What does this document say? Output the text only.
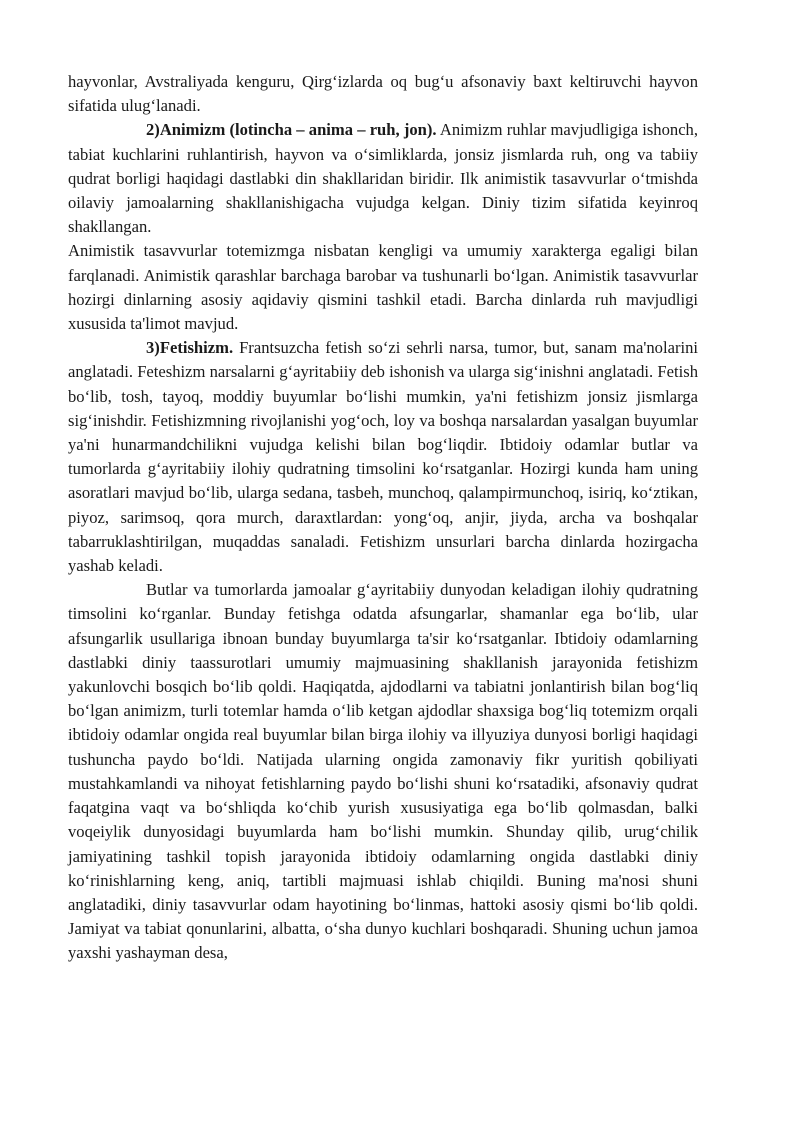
hayvonlar, Avstraliyada kenguru, Qirg‘izlarda oq bug‘u afsonaviy baxt keltiruvchi hayvon sifatida ulug‘lanadi.

2)Animizm (lotincha – anima – ruh, jon). Animizm ruhlar mavjudligiga ishonch, tabiat kuchlarini ruhlantirish, hayvon va o‘simliklarda, jonsiz jismlarda ruh, ong va tabiiy qudrat borligi haqidagi dastlabki din shakllaridan biridir. Ilk animistik tasavvurlar o‘tmishda oilaviy jamoalarning shakllanishigacha vujudga kelgan. Diniy tizim sifatida keyinroq shakllangan.

Animistik tasavvurlar totemizmga nisbatan kengligi va umumiy xarakterga egaligi bilan farqlanadi. Animistik qarashlar barchaga barobar va tushunarli bo‘lgan. Animistik tasavvurlar hozirgi dinlarning asosiy aqidaviy qismini tashkil etadi. Barcha dinlarda ruh mavjudligi xususida ta'limot mavjud.

3)Fetishizm. Frantsuzcha fetish so‘zi sehrli narsa, tumor, but, sanam ma'nolarini anglatadi. Feteshizm narsalarni g‘ayritabiiy deb ishonish va ularga sig‘inishni anglatadi. Fetish bo‘lib, tosh, tayoq, moddiy buyumlar bo‘lishi mumkin, ya'ni fetishizm jonsiz jismlarga sig‘inishdir. Fetishizmning rivojlanishi yog‘och, loy va boshqa narsalardan yasalgan buyumlar ya'ni hunarmandchilikni vujudga kelishi bilan bog‘liqdir. Ibtidoiy odamlar butlar va tumorlarda g‘ayritabiiy ilohiy qudratning timsolini ko‘rsatganlar. Hozirgi kunda ham uning asoratlari mavjud bo‘lib, ularga sedana, tasbeh, munchoq, qalampirmunchoq, isiriq, ko‘ztikan, piyoz, sarimsoq, qora murch, daraxtlardan: yong‘oq, anjir, jiyda, archa va boshqalar tabarruklashtirilgan, muqaddas sanaladi. Fetishizm unsurlari barcha dinlarda hozirgacha yashab keladi.

Butlar va tumorlarda jamoalar g‘ayritabiiy dunyodan keladigan ilohiy qudratning timsolini ko‘rganlar. Bunday fetishga odatda afsungarlar, shamanlar ega bo‘lib, ular afsungarlik usullariga ibnoan bunday buyumlarga ta'sir ko‘rsatganlar. Ibtidoiy odamlarning dastlabki diniy taassurotlari umumiy majmuasining shakllanish jarayonida fetishizm yakunlovchi bosqich bo‘lib qoldi. Haqiqatda, ajdodlarni va tabiatni jonlantirish bilan bog‘liq bo‘lgan animizm, turli totemlar hamda o‘lib ketgan ajdodlar shaxsiga bog‘liq totemizm orqali ibtidoiy odamlar ongida real buyumlar bilan birga ilohiy va illyuziya dunyosi borligi haqidagi tushuncha paydo bo‘ldi. Natijada ularning ongida zamonaviy fikr yuritish qobiliyati mustahkamlandi va nihoyat fetishlarning paydo bo‘lishi shuni ko‘rsatadiki, afsonaviy qudrat faqatgina vaqt va bo‘shliqda ko‘chib yurish xususiyatiga ega bo‘lib qolmasdan, balki voqeiylik dunyosidagi buyumlarda ham bo‘lishi mumkin. Shunday qilib, urug‘chilik jamiyatining tashkil topish jarayonida ibtidoiy odamlarning ongida dastlabki diniy ko‘rinishlarning keng, aniq, tartibli majmuasi ishlab chiqildi. Buning ma'nosi shuni anglatadiki, diniy tasavvurlar odam hayotining bo‘linmas, hattoki asosiy qismi bo‘lib qoldi. Jamiyat va tabiat qonunlarini, albatta, o‘sha dunyo kuchlari boshqaradi. Shuning uchun jamoa yaxshi yashayman desa,
